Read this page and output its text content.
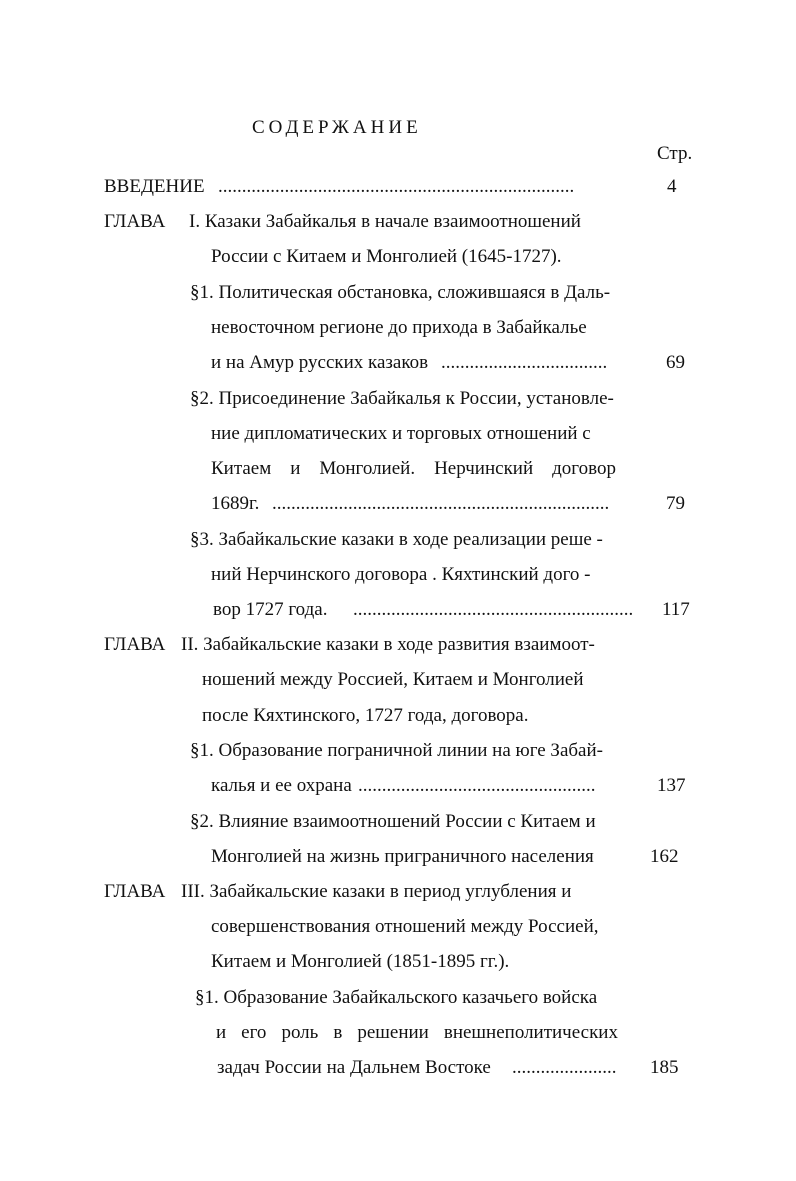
СОДЕРЖАНИЕ
Стр.
ВВЕДЕНИЕ ...........................................................................	4
ГЛАВА I. Казаки Забайкалья в начале взаимоотношений
России с Китаем и Монголией (1645-1727).
§1. Политическая обстановка, сложившаяся в Даль-
невосточном регионе до прихода в Забайкалье
и на Амур русских казаков ...................................	69
§2. Присоединение Забайкалья к России, установле-
ние дипломатических и торговых отношений с
Китаем и Монголией. Нерчинский договор
1689г. .......................................................................	79
§3. Забайкальские казаки в ходе реализации реше -
ний Нерчинского договора . Кяхтинский дого -
вор 1727 года. ...........................................................	117
ГЛАВА II. Забайкальские казаки в ходе развития взаимоот-
ношений между Россией, Китаем и Монголией
после Кяхтинского, 1727 года, договора.
§1. Образование пограничной линии на юге Забай-
калья и ее охрана ..................................................	137
§2. Влияние взаимоотношений России с Китаем и
Монголией на жизнь приграничного населения	162
ГЛАВА III. Забайкальские казаки в период углубления и
совершенствования отношений между Россией,
Китаем и Монголией (1851-1895 гг.).
§1. Образование Забайкальского казачьего войска
и его роль в решении внешнеполитических
задач России на Дальнем Востоке ...................... 185
